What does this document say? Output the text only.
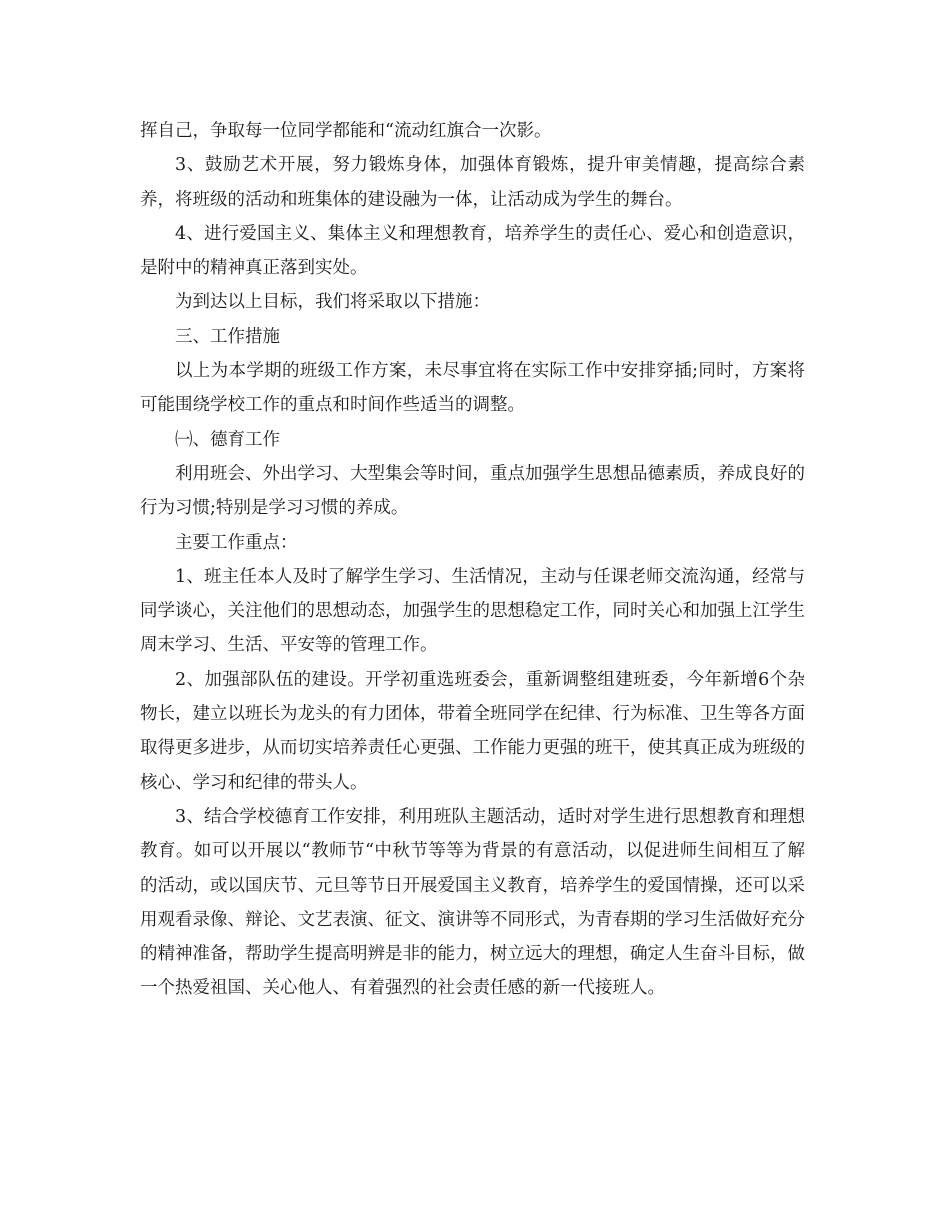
挥自己，争取每一位同学都能和“流动红旗合一次影。

3、鼓励艺术开展，努力锻炼身体，加强体育锻炼，提升审美情趣，提高综合素养，将班级的活动和班集体的建设融为一体，让活动成为学生的舞台。

4、进行爱国主义、集体主义和理想教育，培养学生的责任心、爱心和创造意识，是附中的精神真正落到实处。

为到达以上目标，我们将采取以下措施：

三、工作措施

以上为本学期的班级工作方案，未尽事宜将在实际工作中安排穿插;同时，方案将可能围绕学校工作的重点和时间作些适当的调整。

㈠、德育工作

利用班会、外出学习、大型集会等时间，重点加强学生思想品德素质，养成良好的行为习惯;特别是学习习惯的养成。

主要工作重点：

1、班主任本人及时了解学生学习、生活情况，主动与任课老师交流沟通，经常与同学谈心，关注他们的思想动态，加强学生的思想稳定工作，同时关心和加强上江学生周末学习、生活、平安等的管理工作。

2、加强部队伍的建设。开学初重选班委会，重新调整组建班委，今年新增6个杂物长，建立以班长为龙头的有力团体，带着全班同学在纪律、行为标准、卫生等各方面取得更多进步，从而切实培养责任心更强、工作能力更强的班干，使其真正成为班级的核心、学习和纪律的带头人。

3、结合学校德育工作安排，利用班队主题活动，适时对学生进行思想教育和理想教育。如可以开展以“教师节“中秋节等等为背景的有意活动，以促进师生间相互了解的活动，或以国庆节、元旦等节日开展爱国主义教育，培养学生的爱国情操，还可以采用观看录像、辩论、文艺表演、征文、演讲等不同形式，为青春期的学习生活做好充分的精神准备，帮助学生提高明辨是非的能力，树立远大的理想，确定人生奋斗目标，做一个热爱祖国、关心他人、有着强烈的社会责任感的新一代接班人。
